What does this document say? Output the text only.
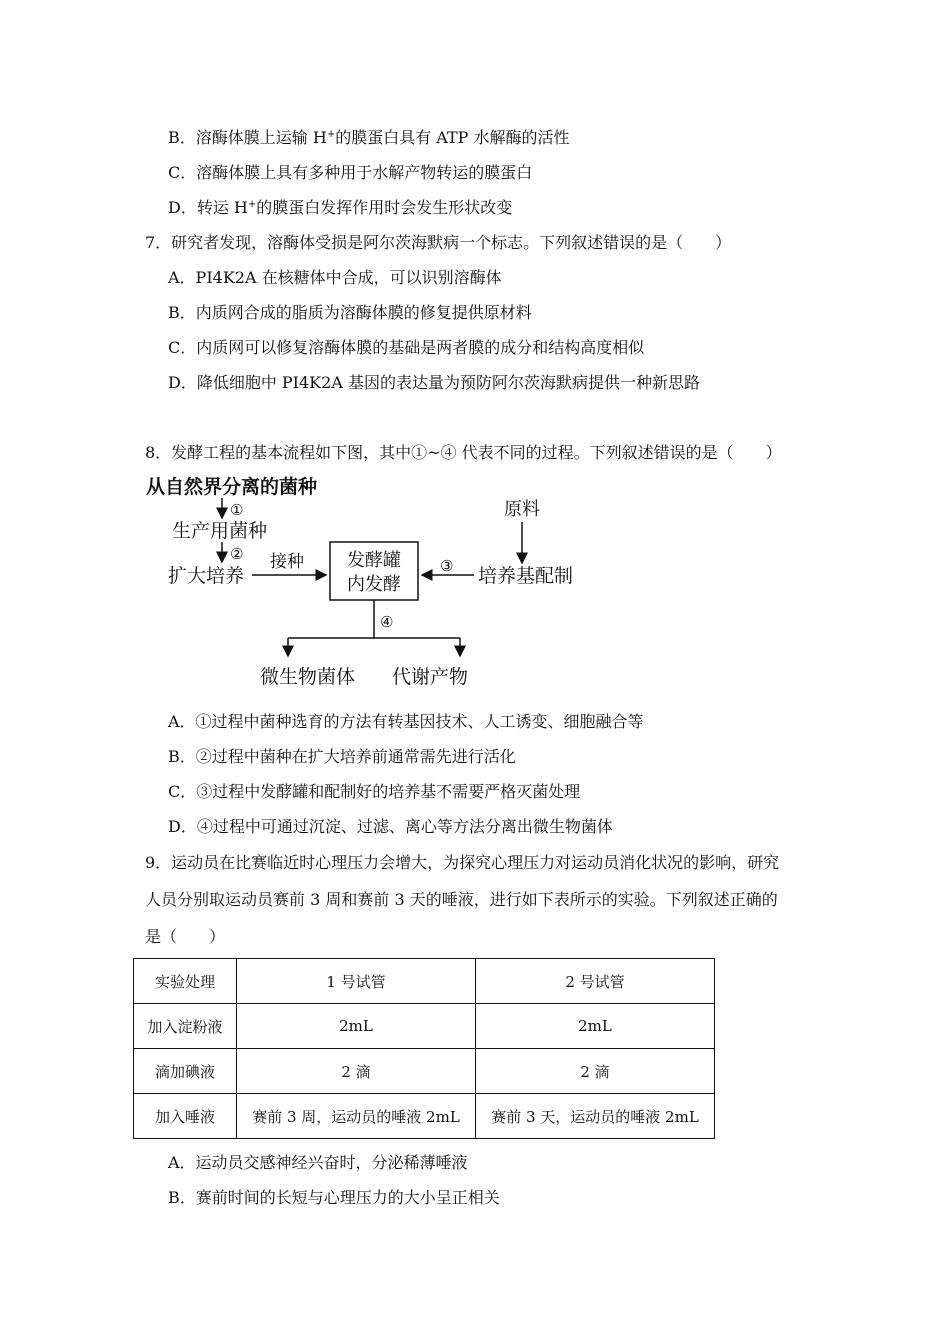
B．溶酶体膜上运输 H+的膜蛋白具有 ATP 水解酶的活性
C．溶酶体膜上具有多种用于水解产物转运的膜蛋白
D．转运 H+的膜蛋白发挥作用时会发生形状改变
7．研究者发现，溶酶体受损是阿尔茨海默病一个标志。下列叙述错误的是（　　）
A．PI4K2A 在核糖体中合成，可以识别溶酶体
B．内质网合成的脂质为溶酶体膜的修复提供原材料
C．内质网可以修复溶酶体膜的基础是两者膜的成分和结构高度相似
D．降低细胞中 PI4K2A 基因的表达量为预防阿尔茨海默病提供一种新思路
8．发酵工程的基本流程如下图，其中①~④ 代表不同的过程。下列叙述错误的是（　　）
从自然界分离的菌种
①
生产用菌种
②
扩大培养
接种 发酵罐
内发酵
原料
培养基配制
③
④
微生物菌体 代谢产物
A．①过程中菌种选育的方法有转基因技术、人工诱变、细胞融合等
B．②过程中菌种在扩大培养前通常需先进行活化
C．③过程中发酵罐和配制好的培养基不需要严格灭菌处理
D．④过程中可通过沉淀、过滤、离心等方法分离出微生物菌体
9．运动员在比赛临近时心理压力会增大，为探究心理压力对运动员消化状况的影响，研究
人员分别取运动员赛前 3 周和赛前 3 天的唾液，进行如下表所示的实验。下列叙述正确的
是（　　）
实验处理	1 号试管	2 号试管
加入淀粉液	2mL	2mL
滴加碘液	2 滴	2 滴
加入唾液	赛前 3 周，运动员的唾液 2mL	赛前 3 天，运动员的唾液 2mL
A．运动员交感神经兴奋时，分泌稀薄唾液
B．赛前时间的长短与心理压力的大小呈正相关
